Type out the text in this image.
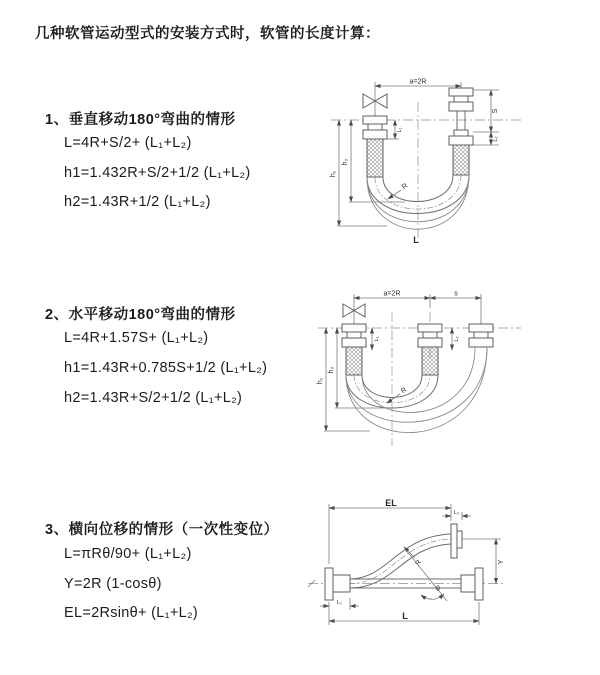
几种软管运动型式的安装方式时，软管的长度计算：
1、垂直移动180°弯曲的情形
L=4R+S/2+ (L₁+L₂)
h1=1.432R+S/2+1/2 (L₁+L₂)
h2=1.43R+1/2 (L₁+L₂)
a=2R
S
L₂
L₁
h₁
h₂
R
L
2、水平移动180°弯曲的情形
L=4R+1.57S+ (L₁+L₂)
h1=1.43R+0.785S+1/2 (L₁+L₂)
h2=1.43R+S/2+1/2 (L₁+L₂)
a=2R	s
L₁	L₂
h₁
h₂
R
3、横向位移的情形（一次性变位）
L=πRθ/90+ (L₁+L₂)
Y=2R (1-cosθ)
EL=2Rsinθ+ (L₁+L₂)
EL
L₂
Y
L
L₁
R
θ
